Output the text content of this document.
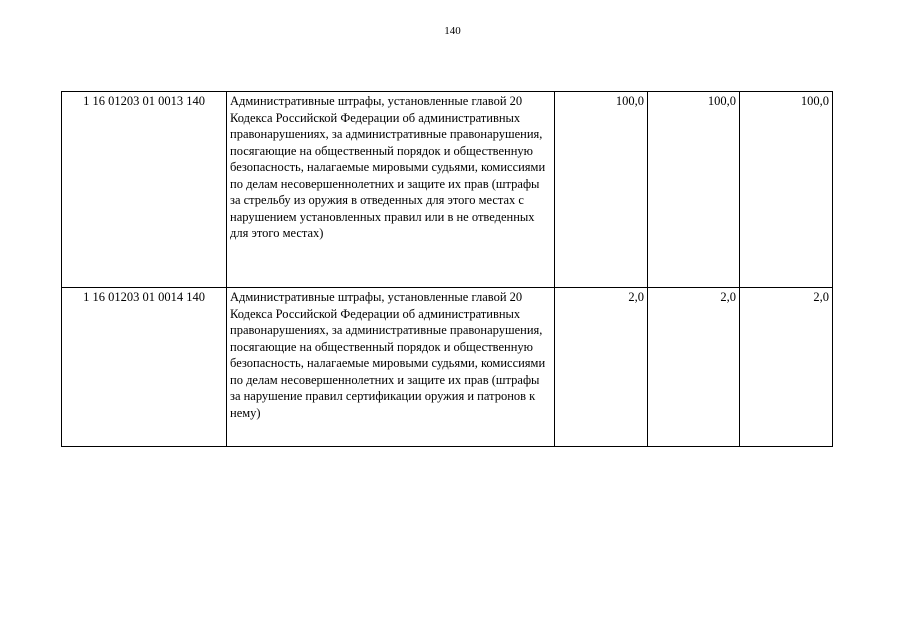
140
1 16 01203 01 0013 140	Административные штрафы, установленные главой 20 Кодекса Российской Федерации об административных правонарушениях, за административные правонарушения, посягающие на общественный порядок и общественную безопасность, налагаемые мировыми судьями, комиссиями по делам несовершеннолетних и защите их прав (штрафы за стрельбу из оружия в отведенных для этого местах с нарушением установленных правил или в не отведенных для этого местах)	100,0	100,0	100,0
1 16 01203 01 0014 140	Административные штрафы, установленные главой 20 Кодекса Российской Федерации об административных правонарушениях, за административные правонарушения, посягающие на общественный порядок и общественную безопасность, налагаемые мировыми судьями, комиссиями по делам несовершеннолетних и защите их прав (штрафы за нарушение правил сертификации оружия и патронов к нему)	2,0	2,0	2,0
